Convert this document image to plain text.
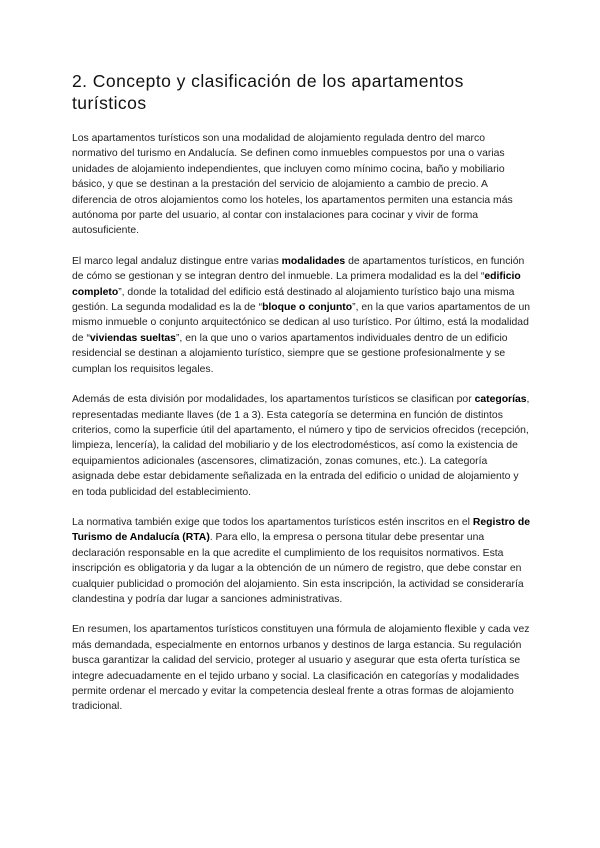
2. Concepto y clasificación de los apartamentos turísticos

Los apartamentos turísticos son una modalidad de alojamiento regulada dentro del marco normativo del turismo en Andalucía. Se definen como inmuebles compuestos por una o varias unidades de alojamiento independientes, que incluyen como mínimo cocina, baño y mobiliario básico, y que se destinan a la prestación del servicio de alojamiento a cambio de precio. A diferencia de otros alojamientos como los hoteles, los apartamentos permiten una estancia más autónoma por parte del usuario, al contar con instalaciones para cocinar y vivir de forma autosuficiente.

El marco legal andaluz distingue entre varias modalidades de apartamentos turísticos, en función de cómo se gestionan y se integran dentro del inmueble. La primera modalidad es la del “edificio completo”, donde la totalidad del edificio está destinado al alojamiento turístico bajo una misma gestión. La segunda modalidad es la de “bloque o conjunto”, en la que varios apartamentos de un mismo inmueble o conjunto arquitectónico se dedican al uso turístico. Por último, está la modalidad de “viviendas sueltas”, en la que uno o varios apartamentos individuales dentro de un edificio residencial se destinan a alojamiento turístico, siempre que se gestione profesionalmente y se cumplan los requisitos legales.

Además de esta división por modalidades, los apartamentos turísticos se clasifican por categorías, representadas mediante llaves (de 1 a 3). Esta categoría se determina en función de distintos criterios, como la superficie útil del apartamento, el número y tipo de servicios ofrecidos (recepción, limpieza, lencería), la calidad del mobiliario y de los electrodomésticos, así como la existencia de equipamientos adicionales (ascensores, climatización, zonas comunes, etc.). La categoría asignada debe estar debidamente señalizada en la entrada del edificio o unidad de alojamiento y en toda publicidad del establecimiento.

La normativa también exige que todos los apartamentos turísticos estén inscritos en el Registro de Turismo de Andalucía (RTA). Para ello, la empresa o persona titular debe presentar una declaración responsable en la que acredite el cumplimiento de los requisitos normativos. Esta inscripción es obligatoria y da lugar a la obtención de un número de registro, que debe constar en cualquier publicidad o promoción del alojamiento. Sin esta inscripción, la actividad se consideraría clandestina y podría dar lugar a sanciones administrativas.

En resumen, los apartamentos turísticos constituyen una fórmula de alojamiento flexible y cada vez más demandada, especialmente en entornos urbanos y destinos de larga estancia. Su regulación busca garantizar la calidad del servicio, proteger al usuario y asegurar que esta oferta turística se integre adecuadamente en el tejido urbano y social. La clasificación en categorías y modalidades permite ordenar el mercado y evitar la competencia desleal frente a otras formas de alojamiento tradicional.
